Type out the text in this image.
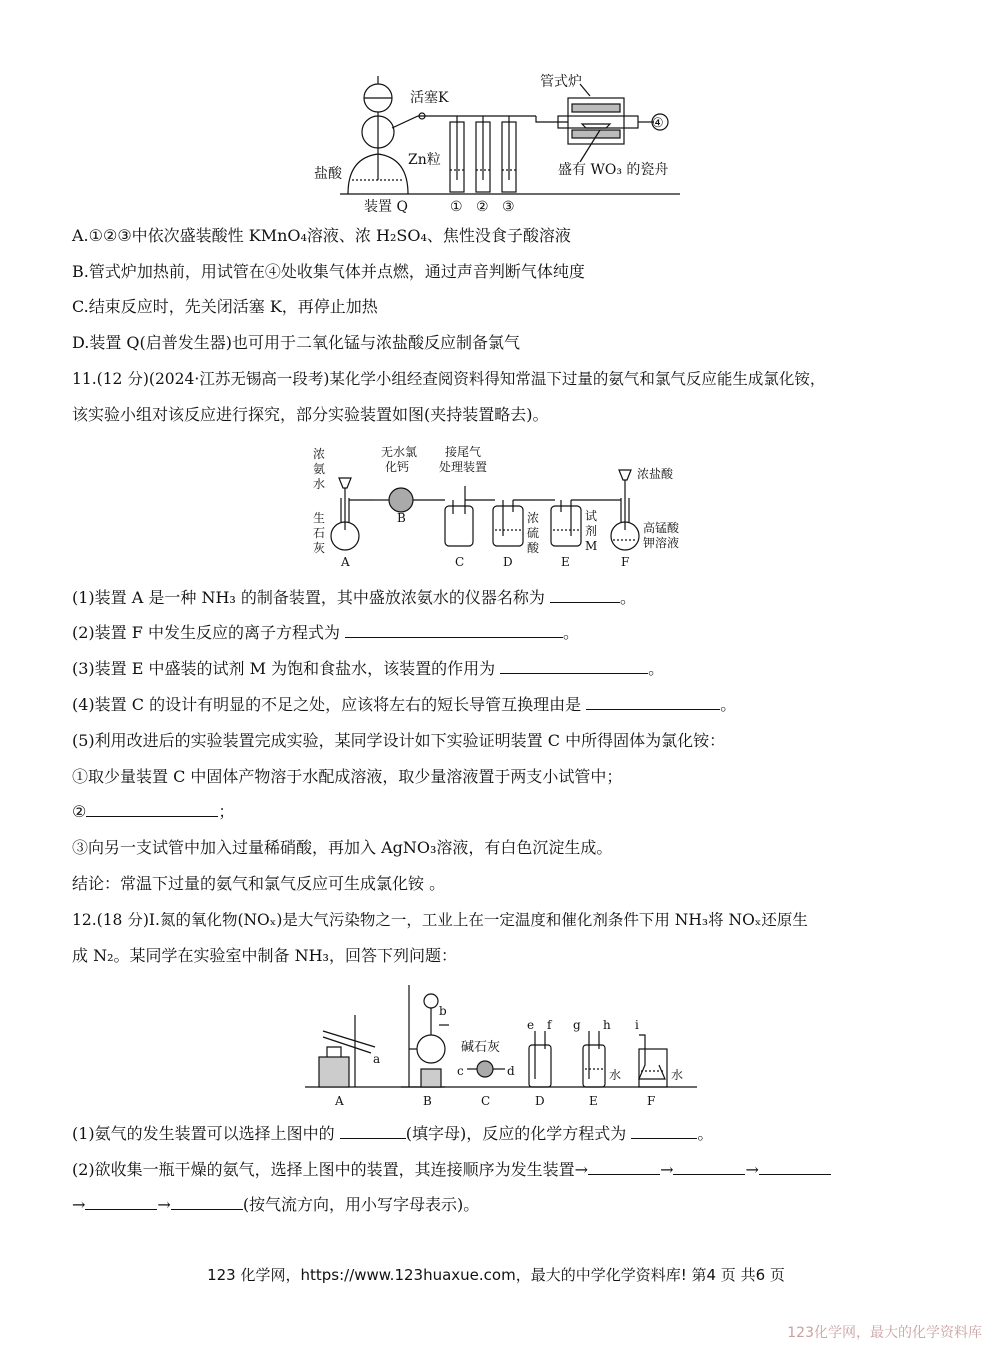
盐酸
活塞K
Zn粒
装置 Q	① ② ③
管式炉
盛有 WO₃ 的瓷舟
④
A.①②③中依次盛装酸性 KMnO₄溶液、浓 H₂SO₄、焦性没食子酸溶液
B.管式炉加热前，用试管在④处收集气体并点燃，通过声音判断气体纯度
C.结束反应时，先关闭活塞 K，再停止加热
D.装置 Q(启普发生器)也可用于二氧化锰与浓盐酸反应制备氯气
11.(12 分)(2024·江苏无锡高一段考)某化学小组经查阅资料得知常温下过量的氨气和氯气反应能生成氯化铵，
该实验小组对该反应进行探究，部分实验装置如图(夹持装置略去)。
浓
氨
水
生
石
灰
无水氯
化钙
接尾气
处理装置
浓
硫
酸
试
剂
M
浓盐酸
高锰酸
钾溶液
A
B
C	D	E	F
(1)装置 A 是一种 NH₃ 的制备装置，其中盛放浓氨水的仪器名称为	。
(2)装置 F 中发生反应的离子方程式为	。
(3)装置 E 中盛装的试剂 M 为饱和食盐水，该装置的作用为	。
(4)装置 C 的设计有明显的不足之处，应该将左右的短长导管互换理由是	。
(5)利用改进后的实验装置完成实验，某同学设计如下实验证明装置 C 中所得固体为氯化铵：
①取少量装置 C 中固体产物溶于水配成溶液，取少量溶液置于两支小试管中；
②	；
③向另一支试管中加入过量稀硝酸，再加入 AgNO₃溶液，有白色沉淀生成。
结论：常温下过量的氨气和氯气反应可生成氯化铵 。
12.(18 分)Ⅰ.氮的氧化物(NOₓ)是大气污染物之一，工业上在一定温度和催化剂条件下用 NH₃将 NOₓ还原生
成 N₂。某同学在实验室中制备 NH₃，回答下列问题：
a
b
碱石灰
c	d
e f g h i
水	水
A	B	C	D	E	F
(1)氨气的发生装置可以选择上图中的	(填字母)，反应的化学方程式为	。
(2)欲收集一瓶干燥的氨气，选择上图中的装置，其连接顺序为发生装置→	→	→
→	→	(按气流方向，用小写字母表示)。
123 化学网，https://www.123huaxue.com，最大的中学化学资料库! 第4 页 共6 页
123化学网，最大的化学资料库
